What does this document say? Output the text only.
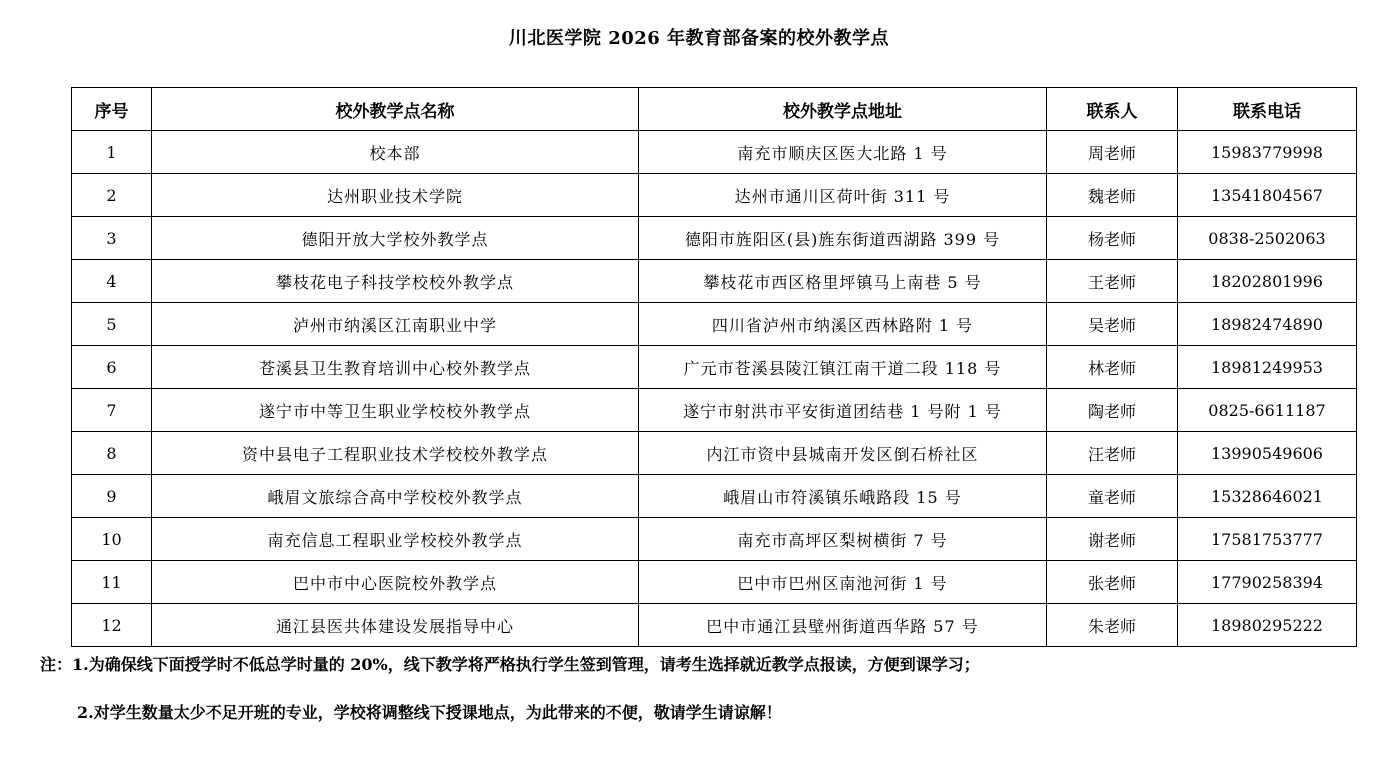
川北医学院 2026 年教育部备案的校外教学点
序号	校外教学点名称	校外教学点地址	联系人	联系电话
1	校本部	南充市顺庆区医大北路 1 号	周老师	15983779998
2	达州职业技术学院	达州市通川区荷叶街 311 号	魏老师	13541804567
3	德阳开放大学校外教学点	德阳市旌阳区(县)旌东街道西湖路 399 号	杨老师	0838-2502063
4	攀枝花电子科技学校校外教学点	攀枝花市西区格里坪镇马上南巷 5 号	王老师	18202801996
5	泸州市纳溪区江南职业中学	四川省泸州市纳溪区西林路附 1 号	吴老师	18982474890
6	苍溪县卫生教育培训中心校外教学点	广元市苍溪县陵江镇江南干道二段 118 号	林老师	18981249953
7	遂宁市中等卫生职业学校校外教学点	遂宁市射洪市平安街道团结巷 1 号附 1 号	陶老师	0825-6611187
8	资中县电子工程职业技术学校校外教学点	内江市资中县城南开发区倒石桥社区	汪老师	13990549606
9	峨眉文旅综合高中学校校外教学点	峨眉山市符溪镇乐峨路段 15 号	童老师	15328646021
10	南充信息工程职业学校校外教学点	南充市高坪区梨树横街 7 号	谢老师	17581753777
11	巴中市中心医院校外教学点	巴中市巴州区南池河街 1 号	张老师	17790258394
12	通江县医共体建设发展指导中心	巴中市通江县壁州街道西华路 57 号	朱老师	18980295222
注：1.为确保线下面授学时不低总学时量的 20%，线下教学将严格执行学生签到管理，请考生选择就近教学点报读，方便到课学习；
2.对学生数量太少不足开班的专业，学校将调整线下授课地点，为此带来的不便，敬请学生请谅解！
